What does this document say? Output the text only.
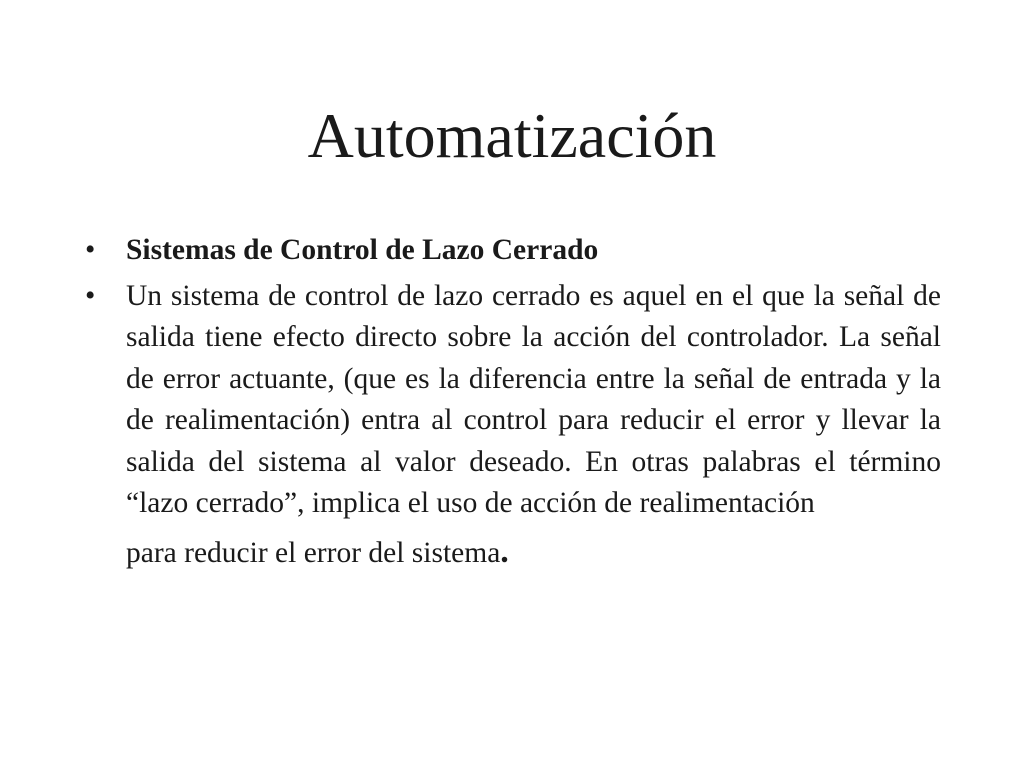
Automatización
•	Sistemas de Control de Lazo Cerrado
•	Un sistema de control de lazo cerrado es aquel en el que la señal de salida tiene efecto directo sobre la acción del controlador. La señal de error actuante, (que es la diferencia entre la señal de entrada y la de realimentación) entra al control para reducir el error y llevar la salida del sistema al valor deseado. En otras palabras el término “lazo cerrado”, implica el uso de acción de realimentación
para reducir el error del sistema.
